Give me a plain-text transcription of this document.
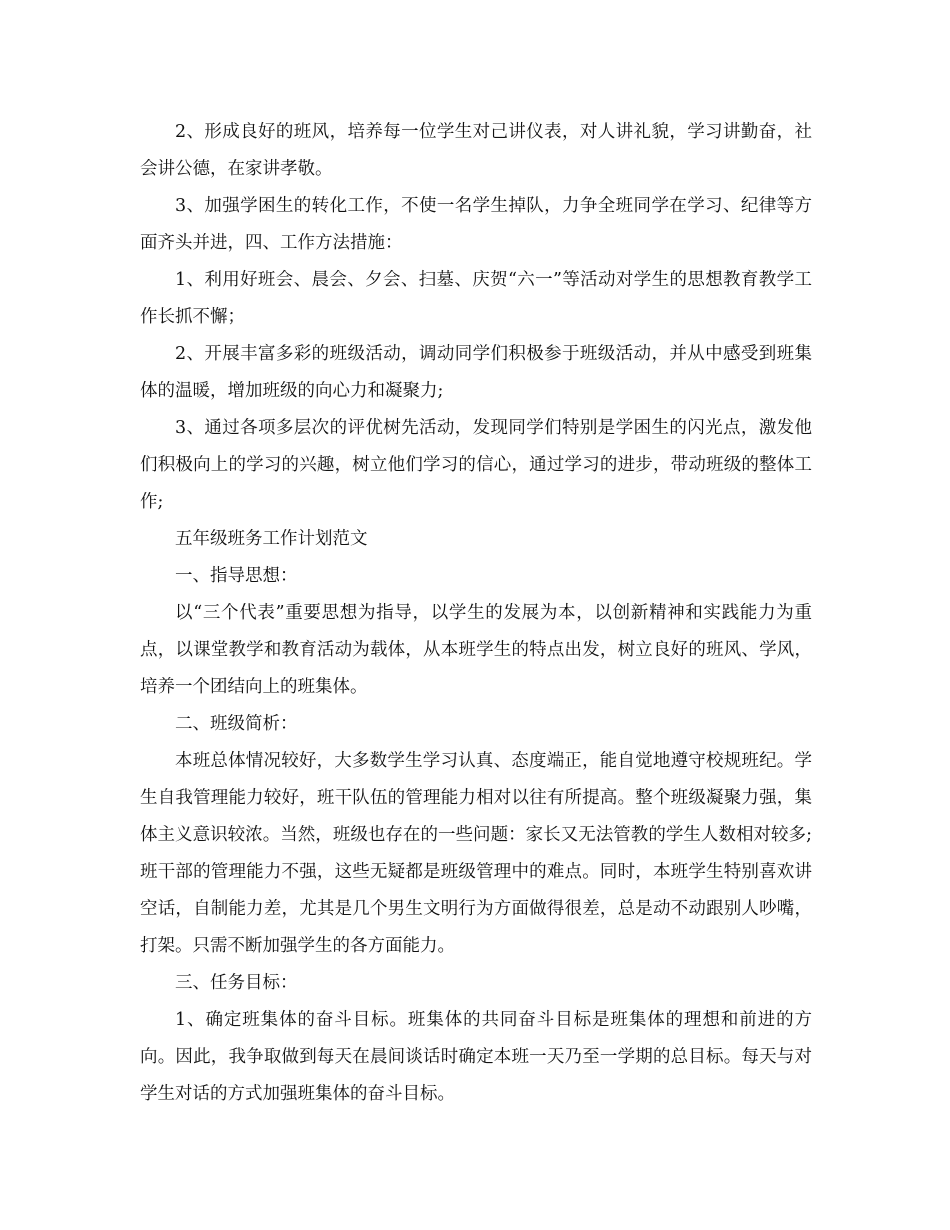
2、形成良好的班风，培养每一位学生对己讲仪表，对人讲礼貌，学习讲勤奋，社会讲公德，在家讲孝敬。

3、加强学困生的转化工作，不使一名学生掉队，力争全班同学在学习、纪律等方面齐头并进，四、工作方法措施：

1、利用好班会、晨会、夕会、扫墓、庆贺“六一”等活动对学生的思想教育教学工作长抓不懈；

2、开展丰富多彩的班级活动，调动同学们积极参于班级活动，并从中感受到班集体的温暖，增加班级的向心力和凝聚力;

3、通过各项多层次的评优树先活动，发现同学们特别是学困生的闪光点，激发他们积极向上的学习的兴趣，树立他们学习的信心，通过学习的进步，带动班级的整体工作;

五年级班务工作计划范文

一、指导思想：

以“三个代表”重要思想为指导，以学生的发展为本，以创新精神和实践能力为重点，以课堂教学和教育活动为载体，从本班学生的特点出发，树立良好的班风、学风，培养一个团结向上的班集体。

二、班级简析：

本班总体情况较好，大多数学生学习认真、态度端正，能自觉地遵守校规班纪。学生自我管理能力较好，班干队伍的管理能力相对以往有所提高。整个班级凝聚力强，集体主义意识较浓。当然，班级也存在的一些问题：家长又无法管教的学生人数相对较多;班干部的管理能力不强，这些无疑都是班级管理中的难点。同时，本班学生特别喜欢讲空话，自制能力差，尤其是几个男生文明行为方面做得很差，总是动不动跟别人吵嘴，打架。只需不断加强学生的各方面能力。

三、任务目标：

1、确定班集体的奋斗目标。班集体的共同奋斗目标是班集体的理想和前进的方向。因此，我争取做到每天在晨间谈话时确定本班一天乃至一学期的总目标。每天与对学生对话的方式加强班集体的奋斗目标。
